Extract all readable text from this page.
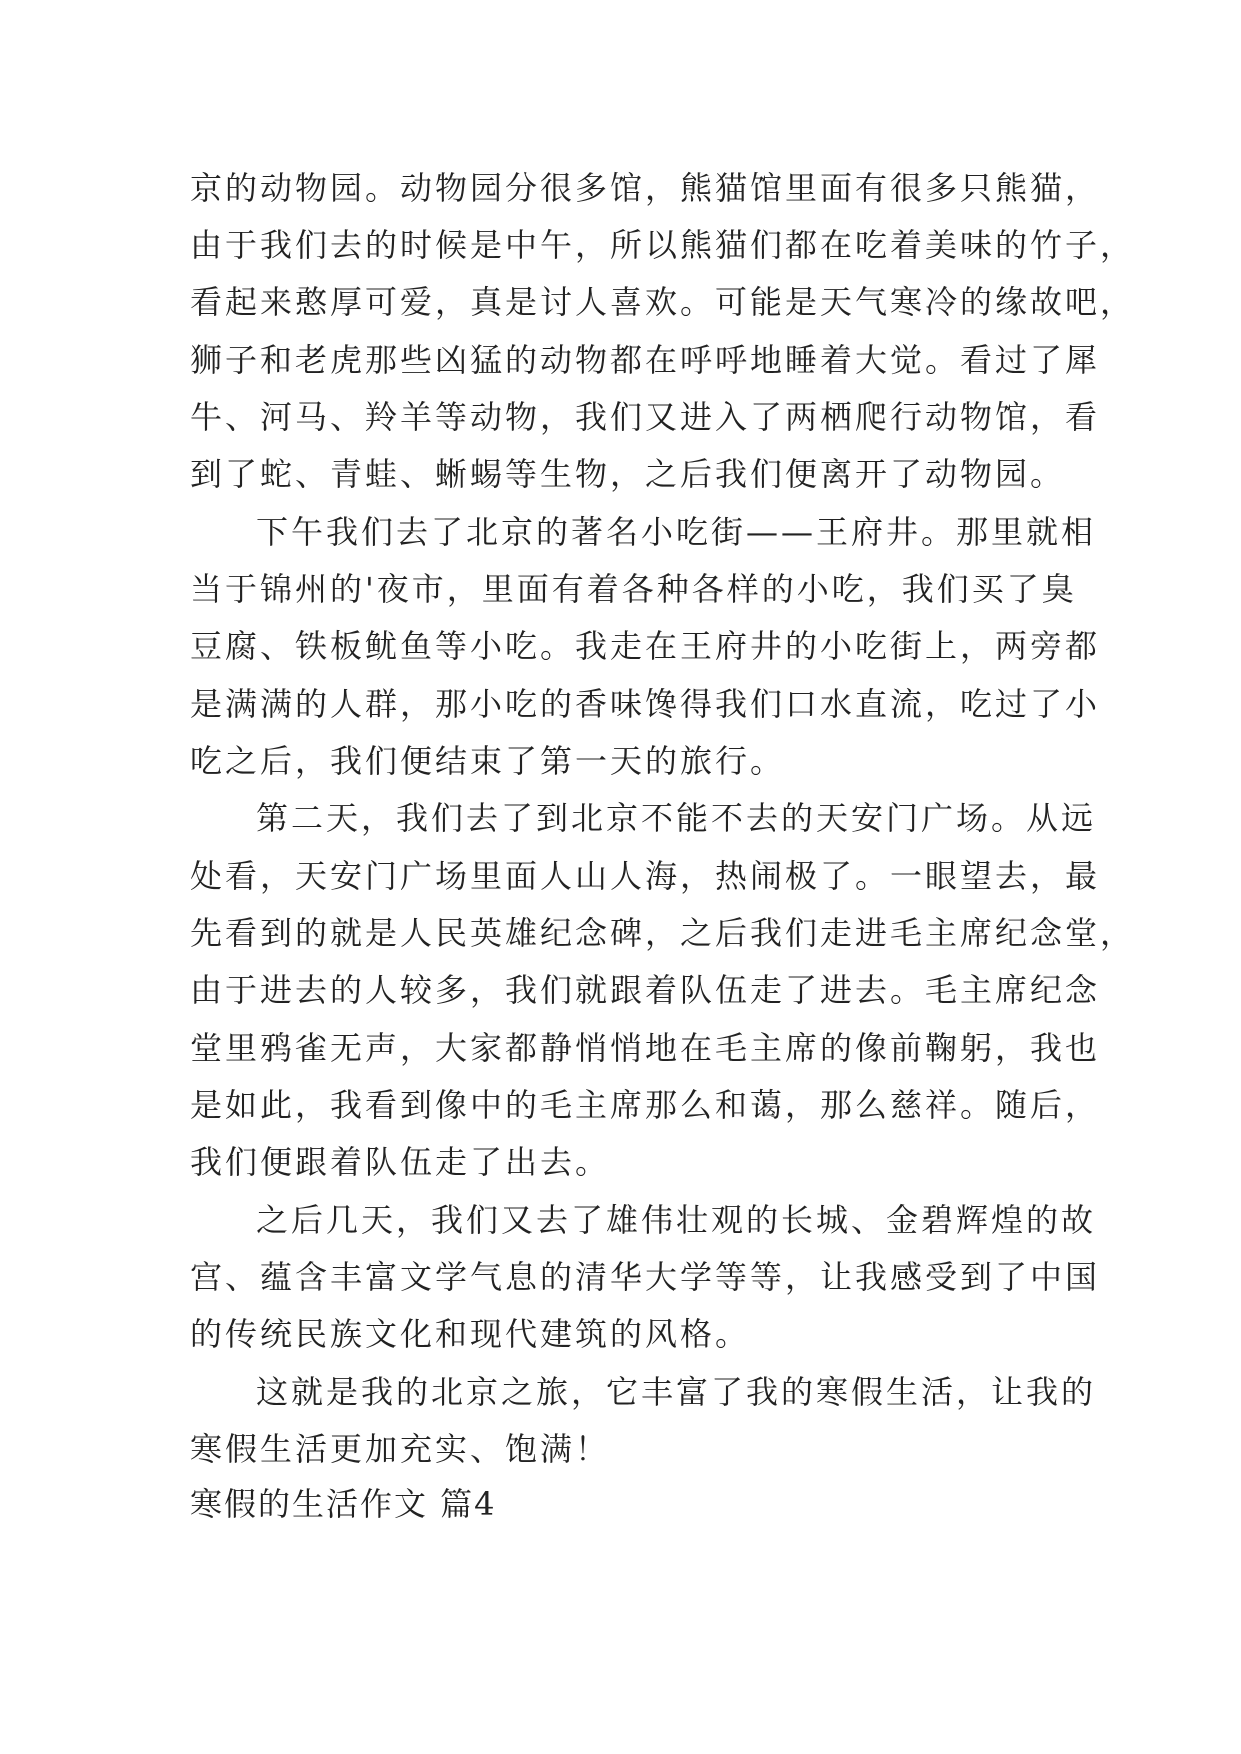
京的动物园。动物园分很多馆，熊猫馆里面有很多只熊猫，
由于我们去的时候是中午，所以熊猫们都在吃着美味的竹子，
看起来憨厚可爱，真是讨人喜欢。可能是天气寒冷的缘故吧，
狮子和老虎那些凶猛的动物都在呼呼地睡着大觉。看过了犀
牛、河马、羚羊等动物，我们又进入了两栖爬行动物馆，看
到了蛇、青蛙、蜥蜴等生物，之后我们便离开了动物园。
下午我们去了北京的著名小吃街——王府井。那里就相
当于锦州的'夜市，里面有着各种各样的小吃，我们买了臭
豆腐、铁板鱿鱼等小吃。我走在王府井的小吃街上，两旁都
是满满的人群，那小吃的香味馋得我们口水直流，吃过了小
吃之后，我们便结束了第一天的旅行。
第二天，我们去了到北京不能不去的天安门广场。从远
处看，天安门广场里面人山人海，热闹极了。一眼望去，最
先看到的就是人民英雄纪念碑，之后我们走进毛主席纪念堂，
由于进去的人较多，我们就跟着队伍走了进去。毛主席纪念
堂里鸦雀无声，大家都静悄悄地在毛主席的像前鞠躬，我也
是如此，我看到像中的毛主席那么和蔼，那么慈祥。随后，
我们便跟着队伍走了出去。
之后几天，我们又去了雄伟壮观的长城、金碧辉煌的故
宫、蕴含丰富文学气息的清华大学等等，让我感受到了中国
的传统民族文化和现代建筑的风格。
这就是我的北京之旅，它丰富了我的寒假生活，让我的
寒假生活更加充实、饱满！
寒假的生活作文 篇4
